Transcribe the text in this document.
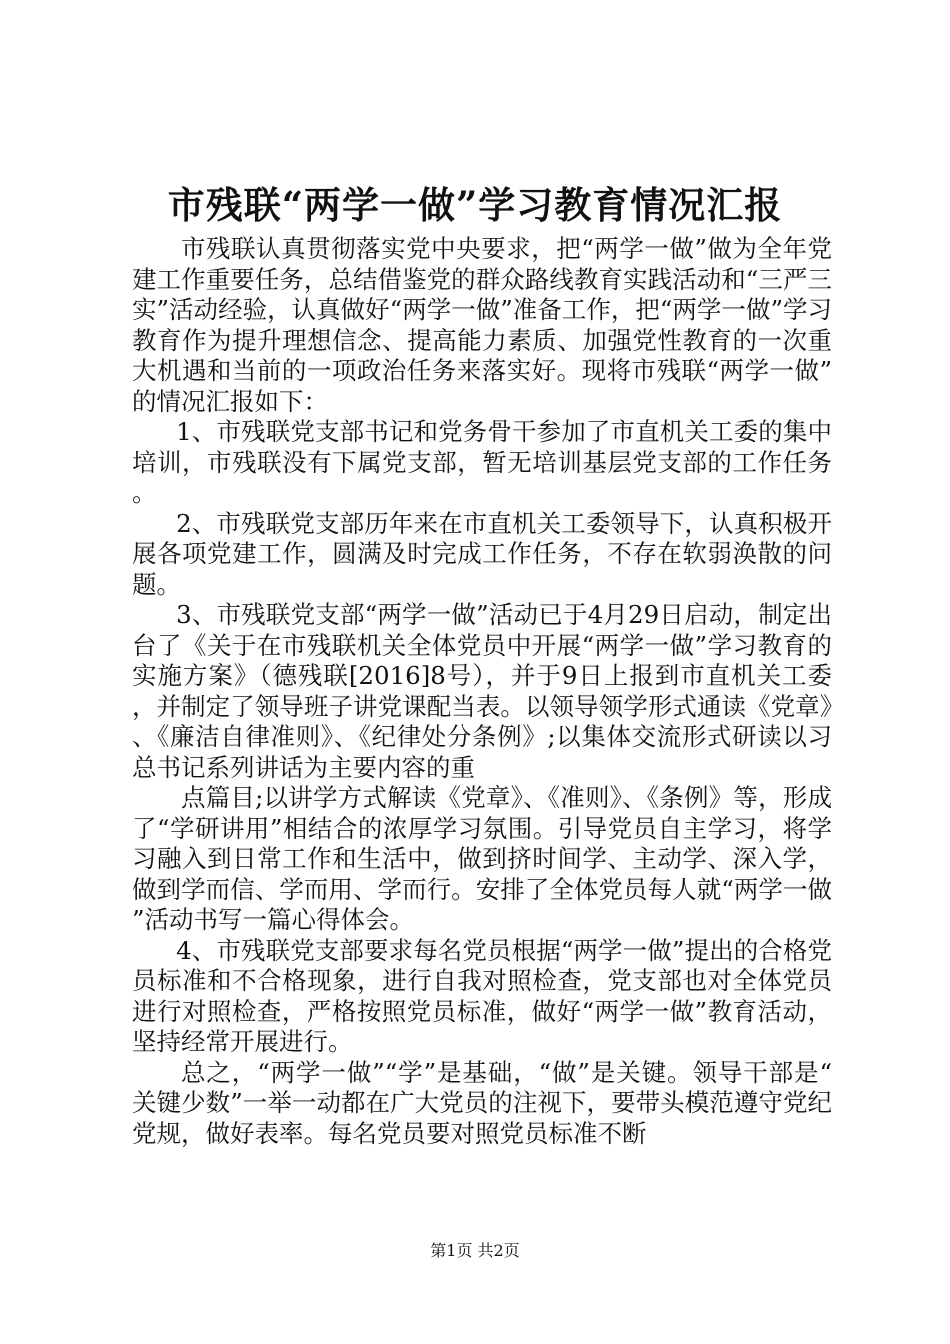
市残联“两学一做”学习教育情况汇报

市残联认真贯彻落实党中央要求，把“两学一做”做为全年党建工作重要任务，总结借鉴党的群众路线教育实践活动和“三严三实”活动经验，认真做好“两学一做”准备工作，把“两学一做”学习教育作为提升理想信念、提高能力素质、加强党性教育的一次重大机遇和当前的一项政治任务来落实好。现将市残联“两学一做”的情况汇报如下：

1、市残联党支部书记和党务骨干参加了市直机关工委的集中培训，市残联没有下属党支部，暂无培训基层党支部的工作任务。

2、市残联党支部历年来在市直机关工委领导下，认真积极开展各项党建工作，圆满及时完成工作任务，不存在软弱涣散的问题。

3、市残联党支部“两学一做”活动已于4月29日启动，制定出台了《关于在市残联机关全体党员中开展“两学一做”学习教育的实施方案》（德残联[2016]8号），并于9日上报到市直机关工委，并制定了领导班子讲党课配当表。以领导领学形式通读《党章》、《廉洁自律准则》、《纪律处分条例》;以集体交流形式研读以习总书记系列讲话为主要内容的重

点篇目;以讲学方式解读《党章》、《准则》、《条例》等，形成了“学研讲用”相结合的浓厚学习氛围。引导党员自主学习，将学习融入到日常工作和生活中，做到挤时间学、主动学、深入学，做到学而信、学而用、学而行。安排了全体党员每人就“两学一做”活动书写一篇心得体会。

4、市残联党支部要求每名党员根据“两学一做”提出的合格党员标准和不合格现象，进行自我对照检查，党支部也对全体党员进行对照检查，严格按照党员标准，做好“两学一做”教育活动，坚持经常开展进行。

总之，“两学一做”“学”是基础，“做”是关键。领导干部是“关键少数”一举一动都在广大党员的注视下，要带头模范遵守党纪党规，做好表率。每名党员要对照党员标准不断

第1页 共2页
